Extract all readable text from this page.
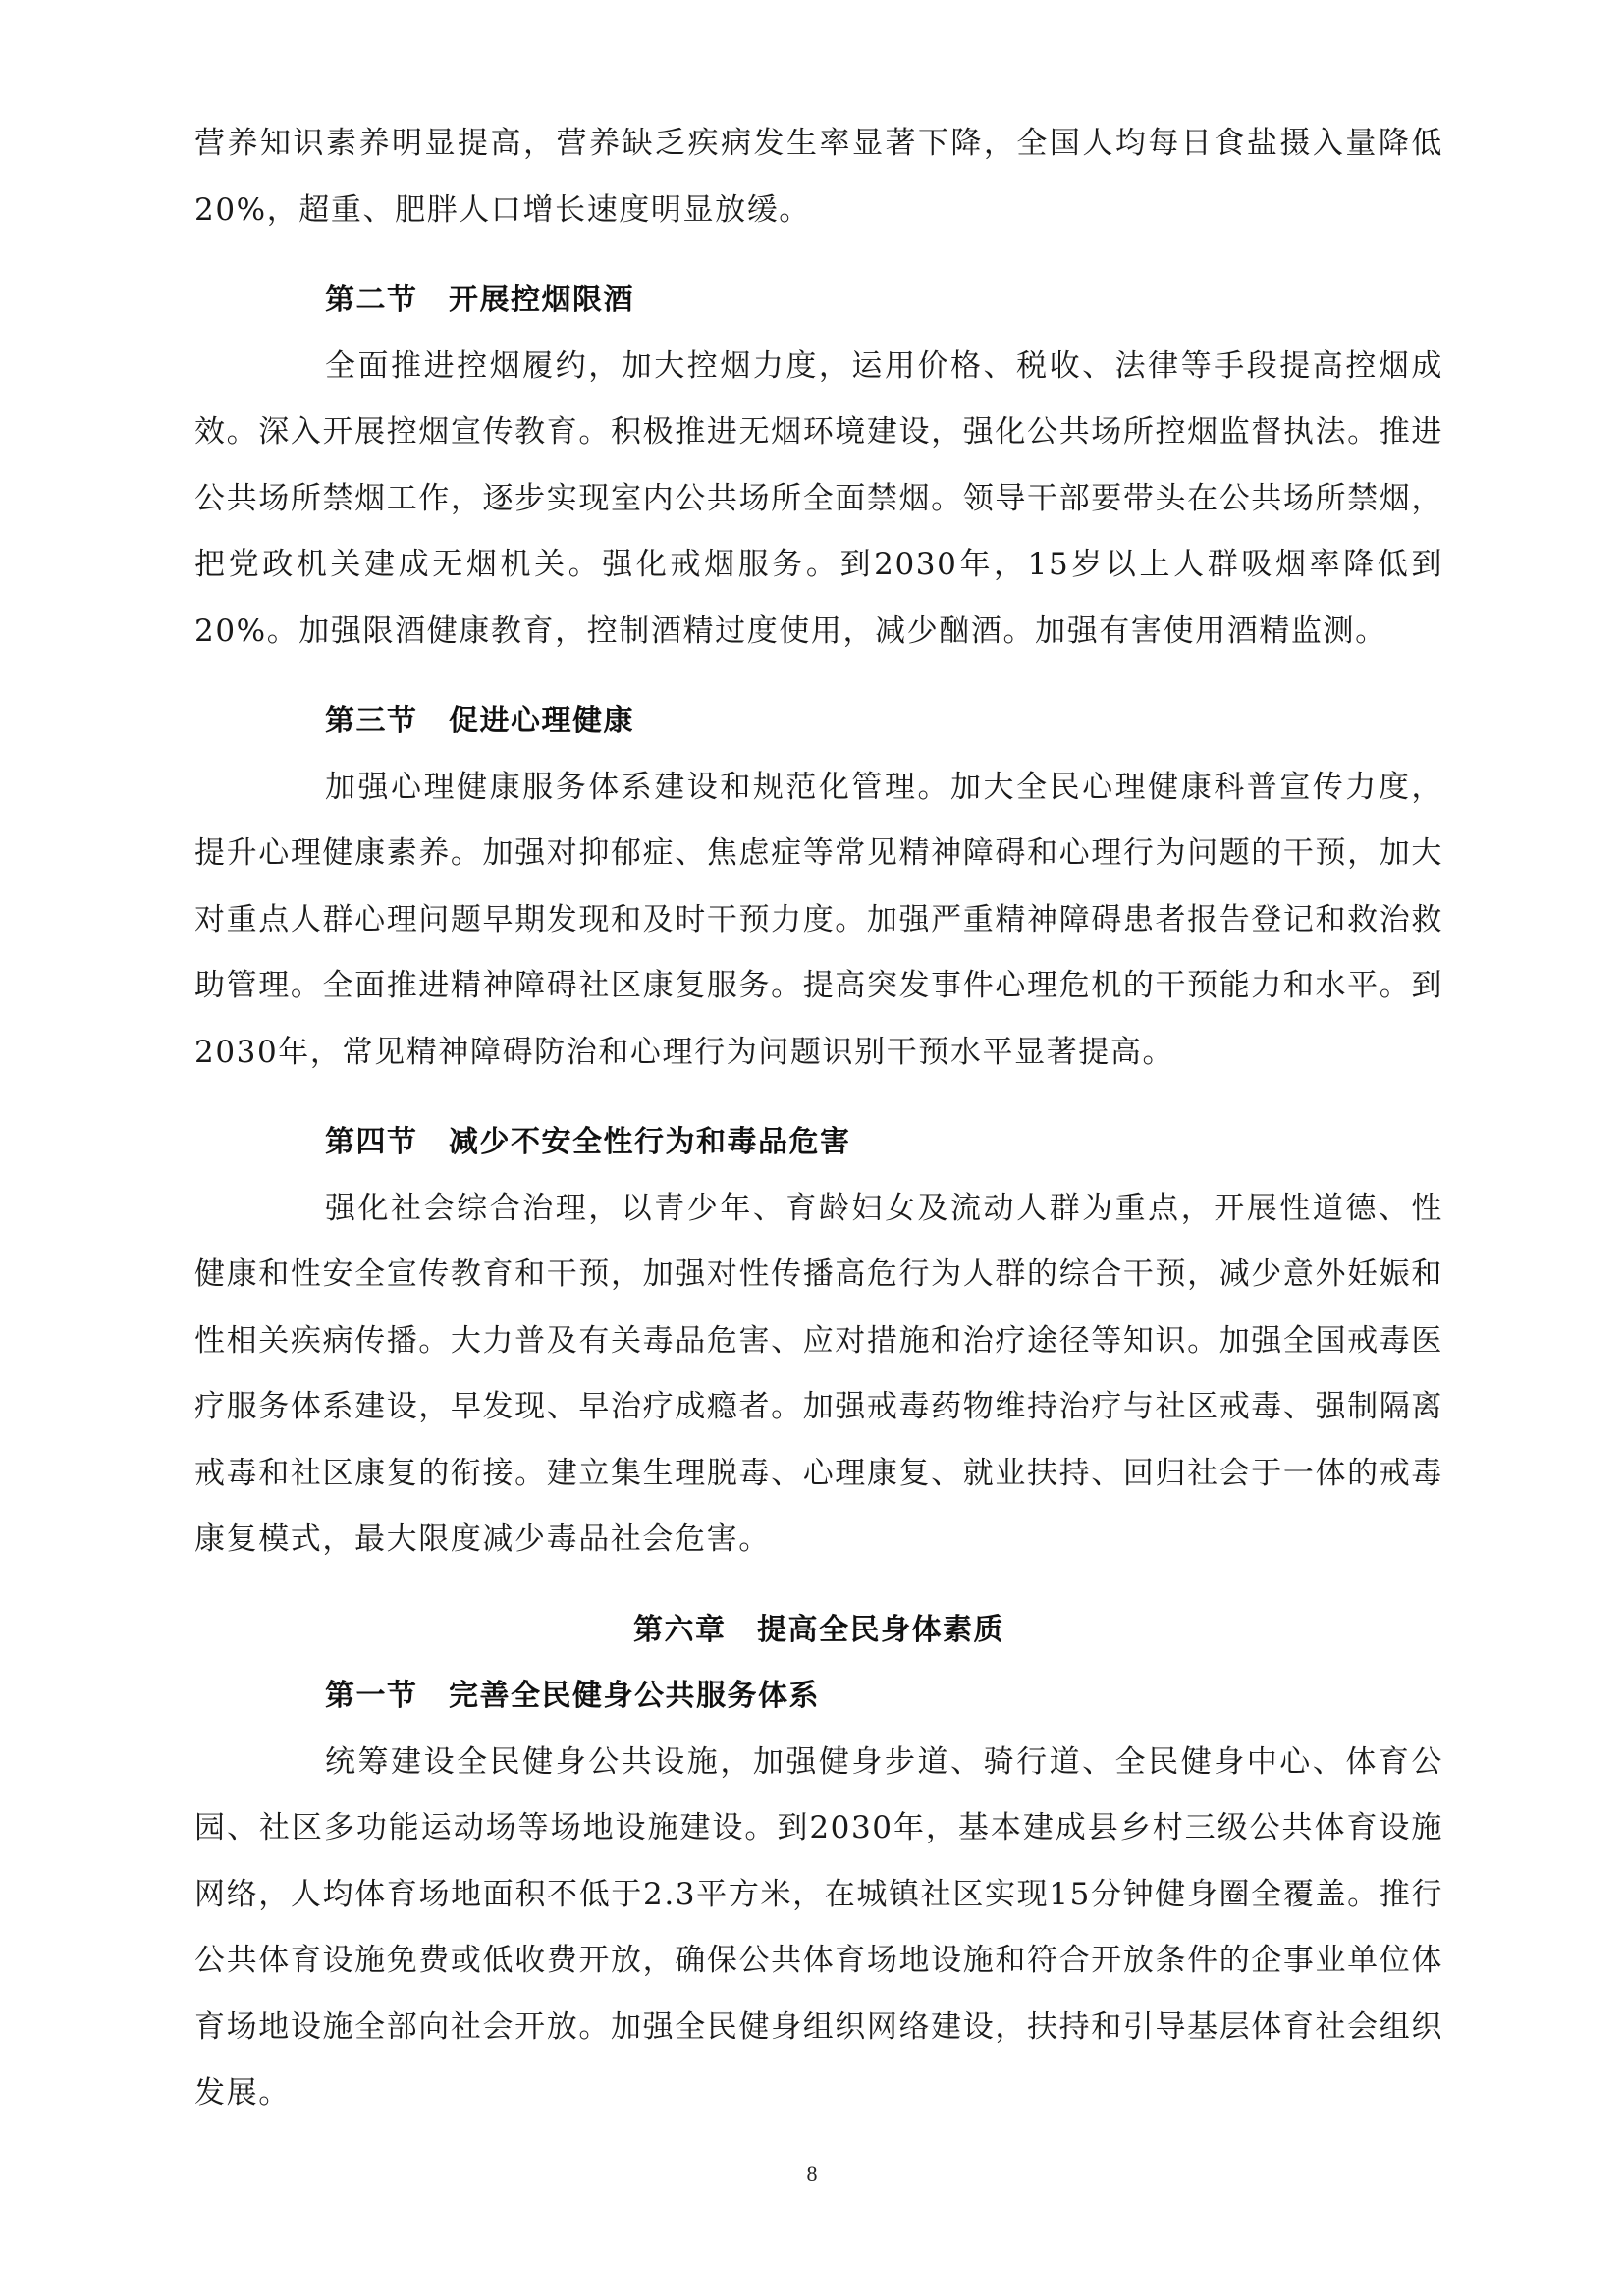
营养知识素养明显提高，营养缺乏疾病发生率显著下降，全国人均每日食盐摄入量降低20%，超重、肥胖人口增长速度明显放缓。

第二节　开展控烟限酒

全面推进控烟履约，加大控烟力度，运用价格、税收、法律等手段提高控烟成效。深入开展控烟宣传教育。积极推进无烟环境建设，强化公共场所控烟监督执法。推进公共场所禁烟工作，逐步实现室内公共场所全面禁烟。领导干部要带头在公共场所禁烟，把党政机关建成无烟机关。强化戒烟服务。到2030年，15岁以上人群吸烟率降低到20%。加强限酒健康教育，控制酒精过度使用，减少酗酒。加强有害使用酒精监测。

第三节　促进心理健康

加强心理健康服务体系建设和规范化管理。加大全民心理健康科普宣传力度，提升心理健康素养。加强对抑郁症、焦虑症等常见精神障碍和心理行为问题的干预，加大对重点人群心理问题早期发现和及时干预力度。加强严重精神障碍患者报告登记和救治救助管理。全面推进精神障碍社区康复服务。提高突发事件心理危机的干预能力和水平。到2030年，常见精神障碍防治和心理行为问题识别干预水平显著提高。

第四节　减少不安全性行为和毒品危害

强化社会综合治理，以青少年、育龄妇女及流动人群为重点，开展性道德、性健康和性安全宣传教育和干预，加强对性传播高危行为人群的综合干预，减少意外妊娠和性相关疾病传播。大力普及有关毒品危害、应对措施和治疗途径等知识。加强全国戒毒医疗服务体系建设，早发现、早治疗成瘾者。加强戒毒药物维持治疗与社区戒毒、强制隔离戒毒和社区康复的衔接。建立集生理脱毒、心理康复、就业扶持、回归社会于一体的戒毒康复模式，最大限度减少毒品社会危害。

第六章　提高全民身体素质
第一节　完善全民健身公共服务体系

统筹建设全民健身公共设施，加强健身步道、骑行道、全民健身中心、体育公园、社区多功能运动场等场地设施建设。到2030年，基本建成县乡村三级公共体育设施网络，人均体育场地面积不低于2.3平方米，在城镇社区实现15分钟健身圈全覆盖。推行公共体育设施免费或低收费开放，确保公共体育场地设施和符合开放条件的企事业单位体育场地设施全部向社会开放。加强全民健身组织网络建设，扶持和引导基层体育社会组织发展。

8
